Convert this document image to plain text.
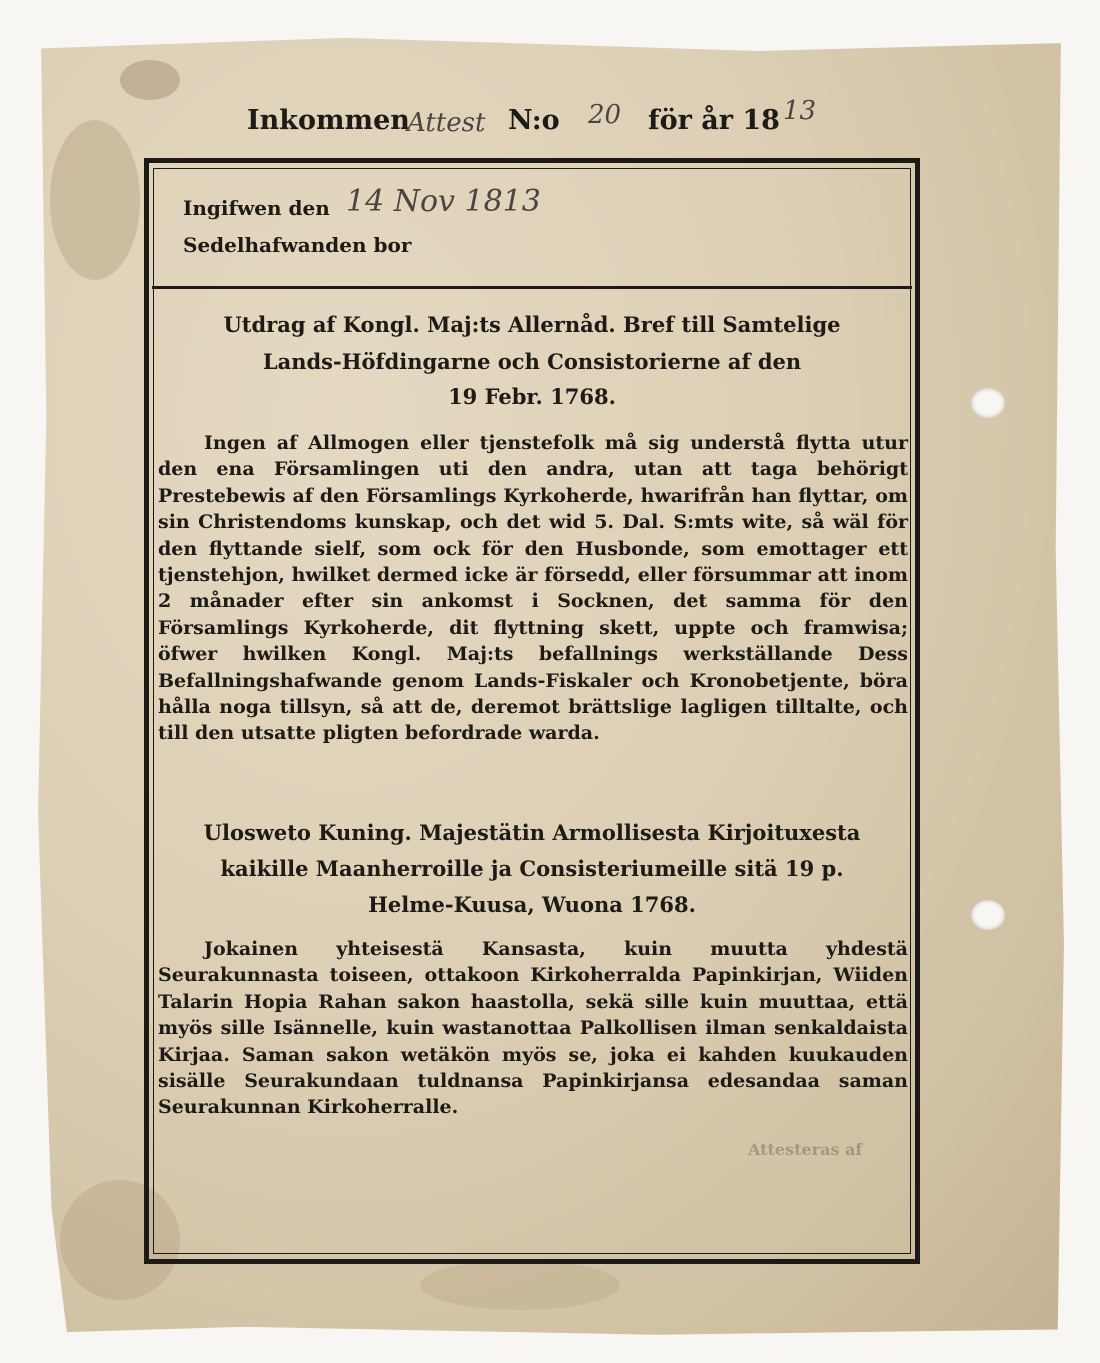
Inkommen
Attest N:o 20 för år 18 13
Ingifwen den 14 Nov 1813
Sedelhafwanden bor
Utdrag af Kongl. Maj:ts Allernåd. Bref till Samtelige
Lands-Höfdingarne och Consistorierne af den
19 Febr. 1768.

Ingen af Allmogen eller tjenstefolk må sig understå flytta utur den ena Församlingen uti den andra, utan att taga behörigt Prestebewis af den Församlings Kyrkoherde, hwarifrån han flyttar, om sin Christendoms kunskap, och det wid 5. Dal. S:mts wite, så wäl för den flyttande sielf, som ock för den Husbonde, som emottager ett tjenstehjon, hwilket dermed icke är försedd, eller försummar att inom 2 månader efter sin ankomst i Socknen, det samma för den Församlings Kyrkoherde, dit flyttning skett, uppte och framwisa; öfwer hwilken Kongl. Maj:ts befallnings werkställande Dess Befallningshafwande genom Lands-Fiskaler och Kronobetjente, böra hålla noga tillsyn, så att de, deremot brättslige lagligen tilltalte, och till den utsatte pligten befordrade warda.

Ulosweto Kuning. Majestätin Armollisesta Kirjoituxesta
kaikille Maanherroille ja Consisteriumeille sitä 19 p.
Helme-Kuusa, Wuona 1768.

Jokainen yhteisestä Kansasta, kuin muutta yhdestä Seurakunnasta toiseen, ottakoon Kirkoherralda Papinkirjan, Wiiden Talarin Hopia Rahan sakon haastolla, sekä sille kuin muuttaa, että myös sille Isännelle, kuin wastanottaa Palkollisen ilman senkaldaista Kirjaa. Saman sakon wetäkön myös se, joka ei kahden kuukauden sisälle Seurakundaan tuldnansa Papinkirjansa edesandaa saman Seurakunnan Kirkoherralle.

Attesteras af
